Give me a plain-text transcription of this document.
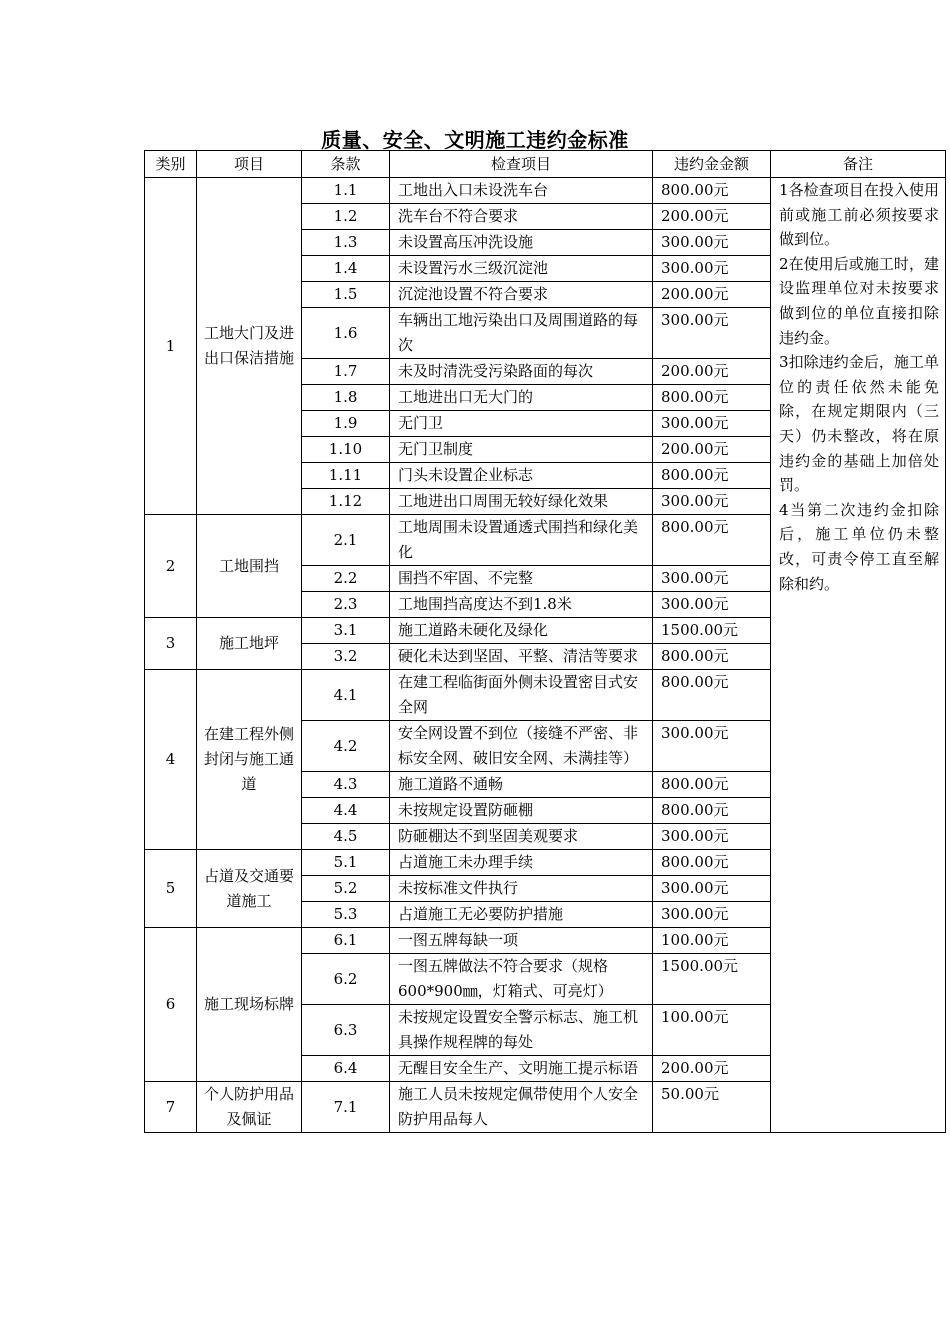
质量、安全、文明施工违约金标准
类别	项目	条款	检查项目	违约金金额	备注
1	工地大门及进出口保洁措施	1.1	工地出入口未设洗车台	800.00元	1各检查项目在投入使用前或施工前必须按要求做到位。
2在使用后或施工时，建设监理单位对未按要求做到位的单位直接扣除违约金。
3扣除违约金后，施工单位的责任依然未能免除，在规定期限内（三天）仍未整改，将在原违约金的基础上加倍处罚。
4当第二次违约金扣除后，施工单位仍未整改，可责令停工直至解除和约。

		1.2	洗车台不符合要求	200.00元	
		1.3	未设置高压冲洗设施	300.00元	
		1.4	未设置污水三级沉淀池	300.00元	
		1.5	沉淀池设置不符合要求	200.00元	
		1.6	车辆出工地污染出口及周围道路的每次	300.00元	
		1.7	未及时清洗受污染路面的每次	200.00元	
		1.8	工地进出口无大门的	800.00元	
		1.9	无门卫	300.00元	
		1.10	无门卫制度	200.00元	
		1.11	门头未设置企业标志	800.00元	
		1.12	工地进出口周围无较好绿化效果	300.00元	
2	工地围挡	2.1	工地周围未设置通透式围挡和绿化美化	800.00元	
		2.2	围挡不牢固、不完整	300.00元	
		2.3	工地围挡高度达不到1.8米	300.00元	
3	施工地坪	3.1	施工道路未硬化及绿化	1500.00元	
		3.2	硬化未达到坚固、平整、清洁等要求	800.00元	
4	在建工程外侧封闭与施工通道	4.1	在建工程临街面外侧未设置密目式安全网	800.00元	
		4.2	安全网设置不到位（接缝不严密、非标安全网、破旧安全网、未满挂等）	300.00元	
		4.3	施工道路不通畅	800.00元	
		4.4	未按规定设置防砸棚	800.00元	
		4.5	防砸棚达不到坚固美观要求	300.00元	
5	占道及交通要道施工	5.1	占道施工未办理手续	800.00元	
		5.2	未按标准文件执行	300.00元	
		5.3	占道施工无必要防护措施	300.00元	
6	施工现场标牌	6.1	一图五牌每缺一项	100.00元	
		6.2	一图五牌做法不符合要求（规格600*900㎜，灯箱式、可亮灯）	1500.00元	
		6.3	未按规定设置安全警示标志、施工机具操作规程牌的每处	100.00元	
		6.4	无醒目安全生产、文明施工提示标语	200.00元	
7	个人防护用品及佩证	7.1	施工人员未按规定佩带使用个人安全防护用品每人	50.00元	
